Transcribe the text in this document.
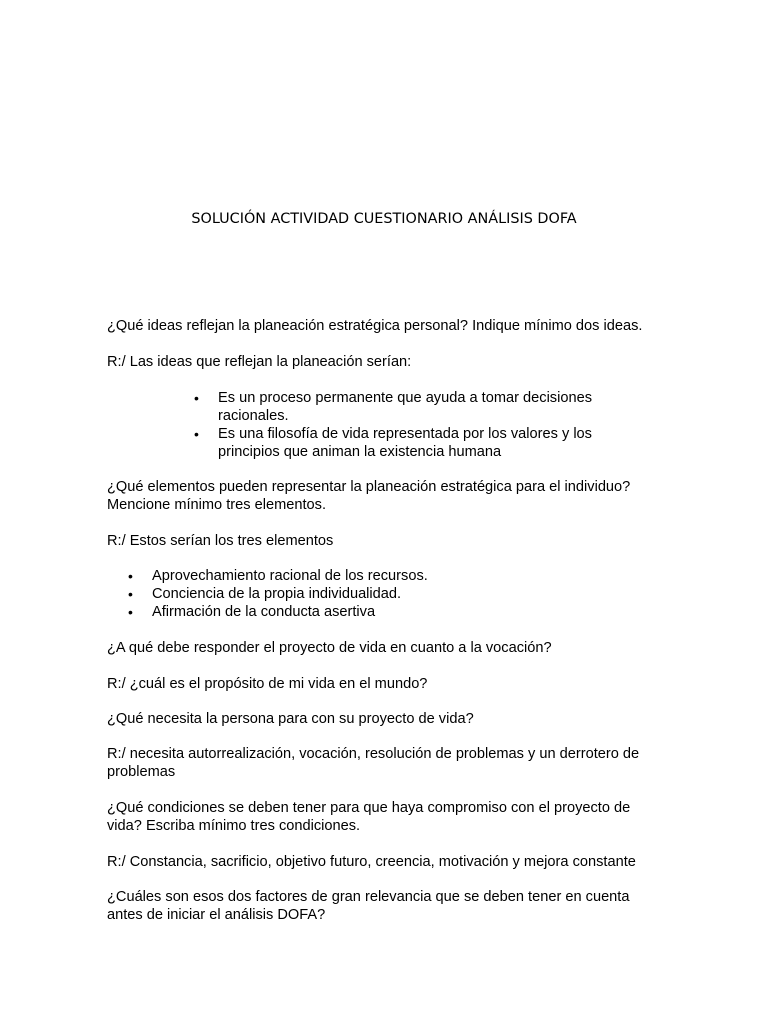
SOLUCIÓN ACTIVIDAD CUESTIONARIO ANÁLISIS DOFA

¿Qué ideas reflejan la planeación estratégica personal? Indique mínimo dos ideas.

R:/ Las ideas que reflejan la planeación serían:

• Es un proceso permanente que ayuda a tomar decisiones racionales.
• Es una filosofía de vida representada por los valores y los principios que animan la existencia humana

¿Qué elementos pueden representar la planeación estratégica para el individuo? Mencione mínimo tres elementos.

R:/ Estos serían los tres elementos

• Aprovechamiento racional de los recursos.
• Conciencia de la propia individualidad.
• Afirmación de la conducta asertiva

¿A qué debe responder el proyecto de vida en cuanto a la vocación?

R:/ ¿cuál es el propósito de mi vida en el mundo?

¿Qué necesita la persona para con su proyecto de vida?

R:/ necesita autorrealización, vocación, resolución de problemas y un derrotero de problemas

¿Qué condiciones se deben tener para que haya compromiso con el proyecto de vida? Escriba mínimo tres condiciones.

R:/ Constancia, sacrificio, objetivo futuro, creencia, motivación y mejora constante

¿Cuáles son esos dos factores de gran relevancia que se deben tener en cuenta antes de iniciar el análisis DOFA?
